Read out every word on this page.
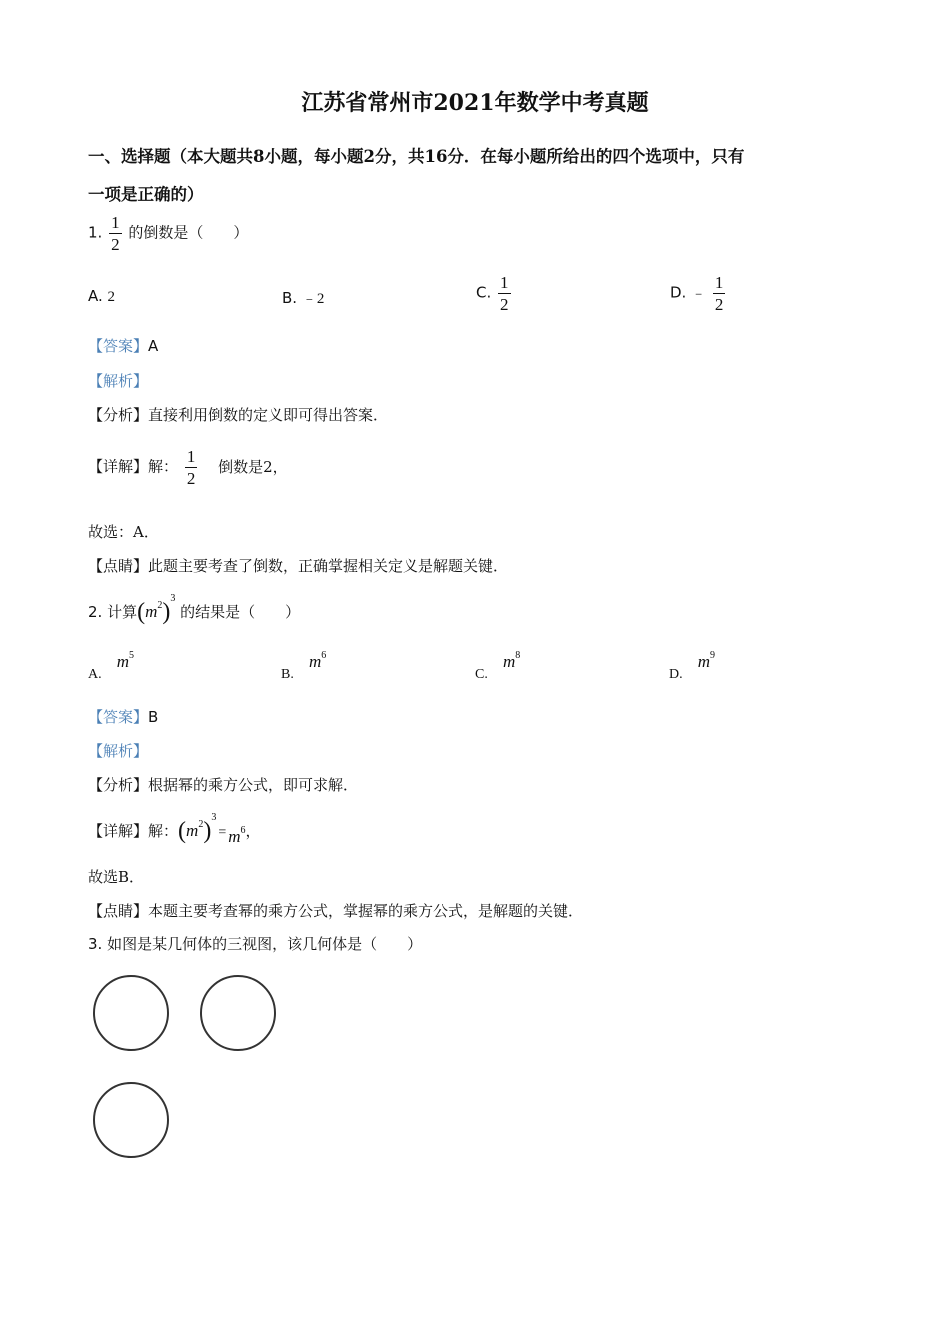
江苏省常州市2021年数学中考真题
一、选择题（本大题共8小题，每小题2分，共16分．在每小题所给出的四个选项中，只有
一项是正确的）
1. $\frac{1}{2}$ 的倒数是（　　）
A. 2	B. ﹣2	C. $\frac{1}{2}$	D. ﹣ $\frac{1}{2}$
【答案】A
【解析】
【分析】直接利用倒数的定义即可得出答案．
【详解】解： $\frac{1}{2}$ 倒数是2，
故选：A．
【点睛】此题主要考查了倒数，正确掌握相关定义是解题关键．
2. 计算$(m^2)^3$ 的结果是（　　）
A. $m^5$
B. $m^6$
C. $m^8$
D. $m^9$
【答案】B
【解析】
【分析】根据幂的乘方公式，即可求解．
【详解】解：$(m^2)^3= m^6$，
故选B．
【点睛】本题主要考查幂的乘方公式，掌握幂的乘方公式，是解题的关键．
3. 如图是某几何体的三视图，该几何体是（　　）
